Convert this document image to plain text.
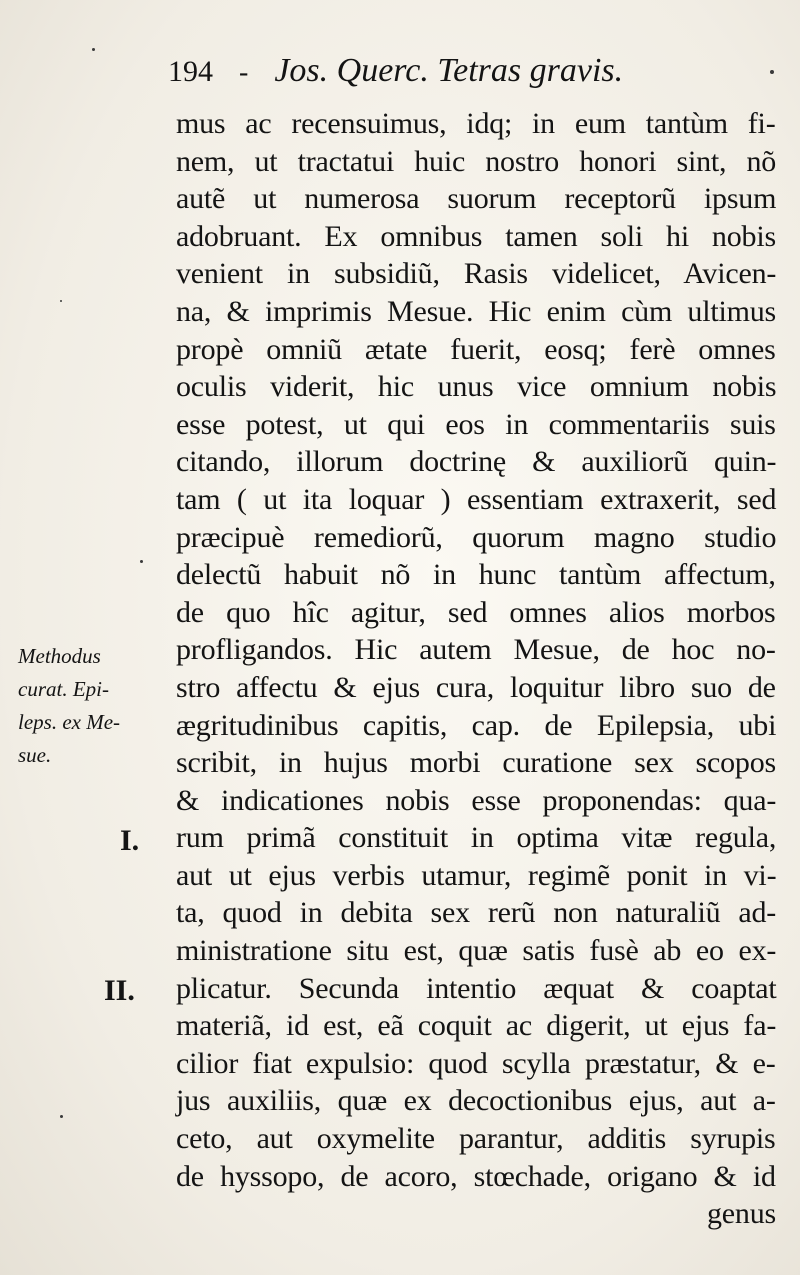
194 - Jos. Querc. Tetras gravis.
Methodus
curat. Epi-
leps. ex Me-
sue.
I.
II.
mus ac recensuimus, idq; in eum tantùm fi-
nem, ut tractatui huic nostro honori sint, nõ
autẽ ut numerosa suorum receptorũ ipsum
adobruant. Ex omnibus tamen soli hi nobis
venient in subsidiũ, Rasis videlicet, Avicen-
na, & imprimis Mesue. Hic enim cùm ultimus
propè omniũ ætate fuerit, eosq; ferè omnes
oculis viderit, hic unus vice omnium nobis
esse potest, ut qui eos in commentariis suis
citando, illorum doctrinę & auxiliorũ quin-
tam ( ut ita loquar ) essentiam extraxerit, sed
præcipuè remediorũ, quorum magno studio
delectũ habuit nõ in hunc tantùm affectum,
de quo hîc agitur, sed omnes alios morbos
profligandos. Hic autem Mesue, de hoc no-
stro affectu & ejus cura, loquitur libro suo de
ægritudinibus capitis, cap. de Epilepsia, ubi
scribit, in hujus morbi curatione sex scopos
& indicationes nobis esse proponendas: qua-
rum primã constituit in optima vitæ regula,
aut ut ejus verbis utamur, regimẽ ponit in vi-
ta, quod in debita sex rerũ non naturaliũ ad-
ministratione situ est, quæ satis fusè ab eo ex-
plicatur. Secunda intentio æquat & coaptat
materiã, id est, eã coquit ac digerit, ut ejus fa-
cilior fiat expulsio: quod scylla præstatur, & e-
jus auxiliis, quæ ex decoctionibus ejus, aut a-
ceto, aut oxymelite parantur, additis syrupis
de hyssopo, de acoro, stœchade, origano & id
genus
